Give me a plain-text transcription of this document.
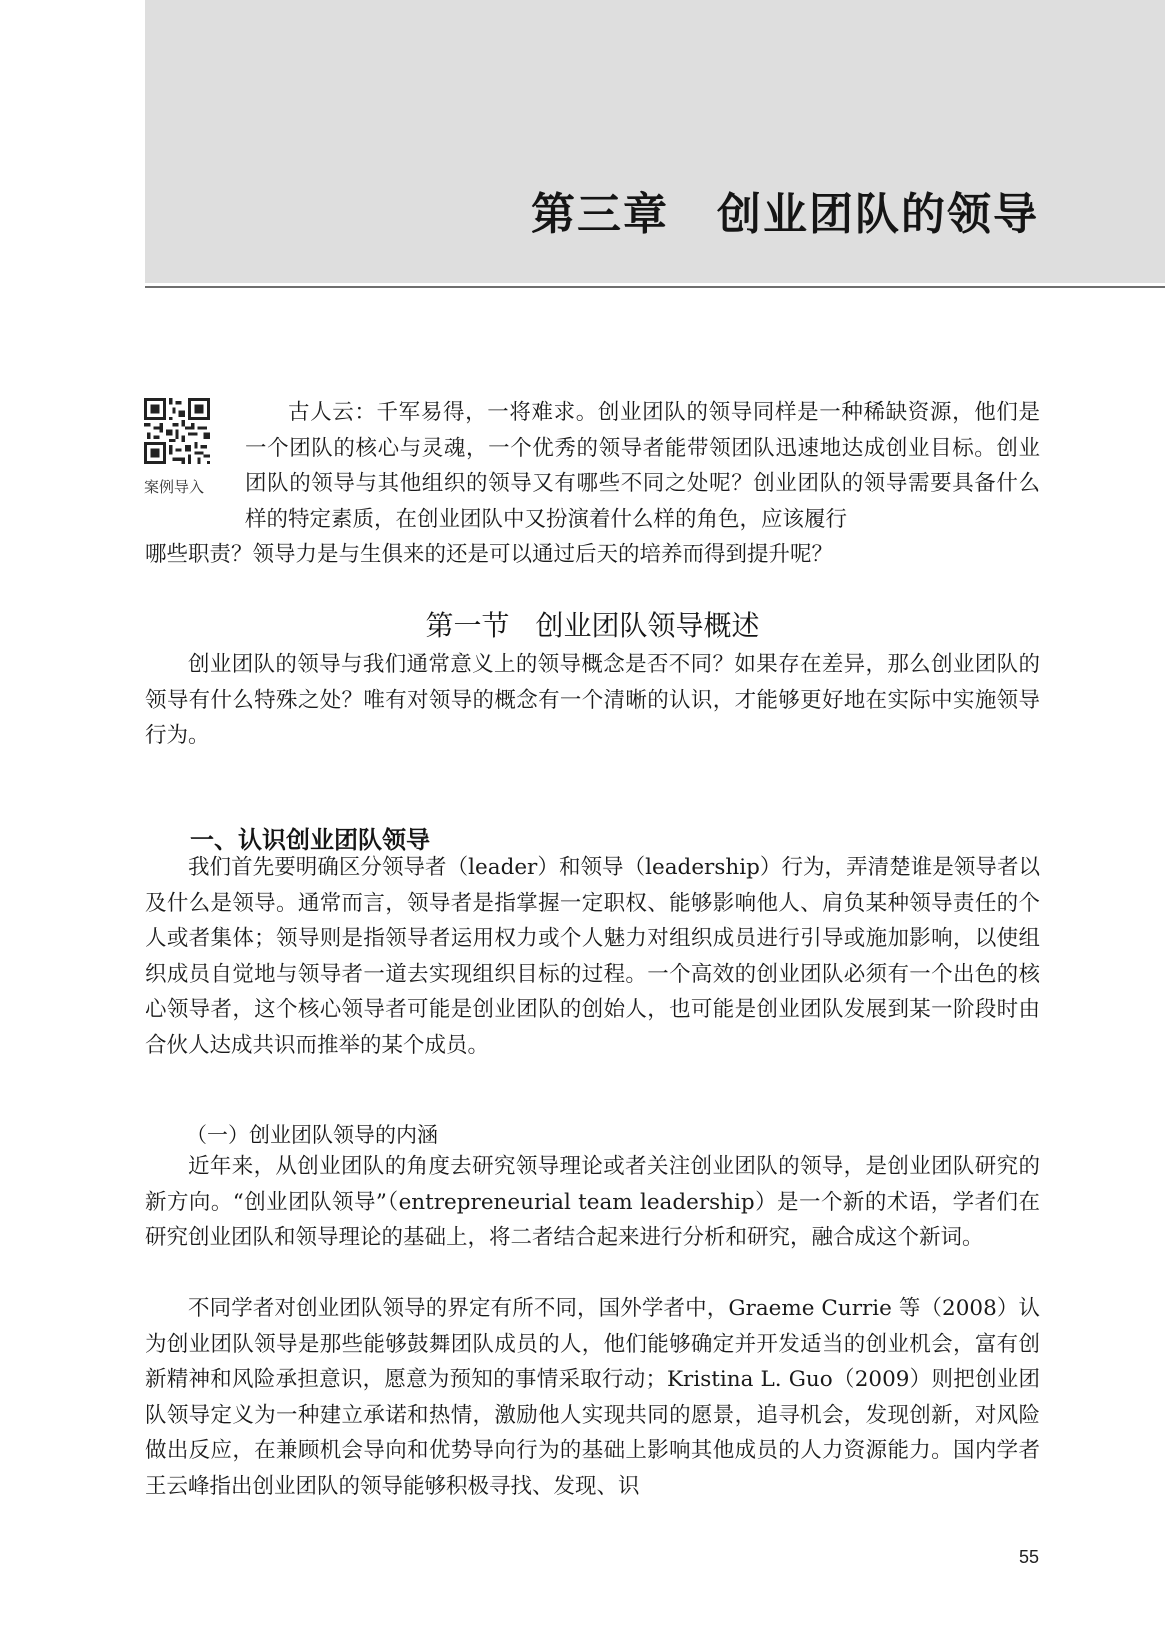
第三章 创业团队的领导
案例导入
古人云：千军易得，一将难求。创业团队的领导同样是一种稀缺资源，他们是一个团队的核心与灵魂，一个优秀的领导者能带领团队迅速地达成创业目标。创业团队的领导与其他组织的领导又有哪些不同之处呢？创业团队的领导需要具备什么样的特定素质，在创业团队中又扮演着什么样的角色，应该履行
哪些职责？领导力是与生俱来的还是可以通过后天的培养而得到提升呢？
第一节 创业团队领导概述

创业团队的领导与我们通常意义上的领导概念是否不同？如果存在差异，那么创业团队的领导有什么特殊之处？唯有对领导的概念有一个清晰的认识，才能够更好地在实际中实施领导行为。

一、认识创业团队领导

我们首先要明确区分领导者（leader）和领导（leadership）行为，弄清楚谁是领导者以及什么是领导。通常而言，领导者是指掌握一定职权、能够影响他人、肩负某种领导责任的个人或者集体；领导则是指领导者运用权力或个人魅力对组织成员进行引导或施加影响，以使组织成员自觉地与领导者一道去实现组织目标的过程。一个高效的创业团队必须有一个出色的核心领导者，这个核心领导者可能是创业团队的创始人，也可能是创业团队发展到某一阶段时由合伙人达成共识而推举的某个成员。

（一）创业团队领导的内涵

近年来，从创业团队的角度去研究领导理论或者关注创业团队的领导，是创业团队研究的新方向。“创业团队领导”（entrepreneurial team leadership）是一个新的术语，学者们在研究创业团队和领导理论的基础上，将二者结合起来进行分析和研究，融合成这个新词。

不同学者对创业团队领导的界定有所不同，国外学者中，Graeme Currie 等（2008）认为创业团队领导是那些能够鼓舞团队成员的人，他们能够确定并开发适当的创业机会，富有创新精神和风险承担意识，愿意为预知的事情采取行动；Kristina L. Guo（2009）则把创业团队领导定义为一种建立承诺和热情，激励他人实现共同的愿景，追寻机会，发现创新，对风险做出反应，在兼顾机会导向和优势导向行为的基础上影响其他成员的人力资源能力。国内学者王云峰指出创业团队的领导能够积极寻找、发现、识

55
